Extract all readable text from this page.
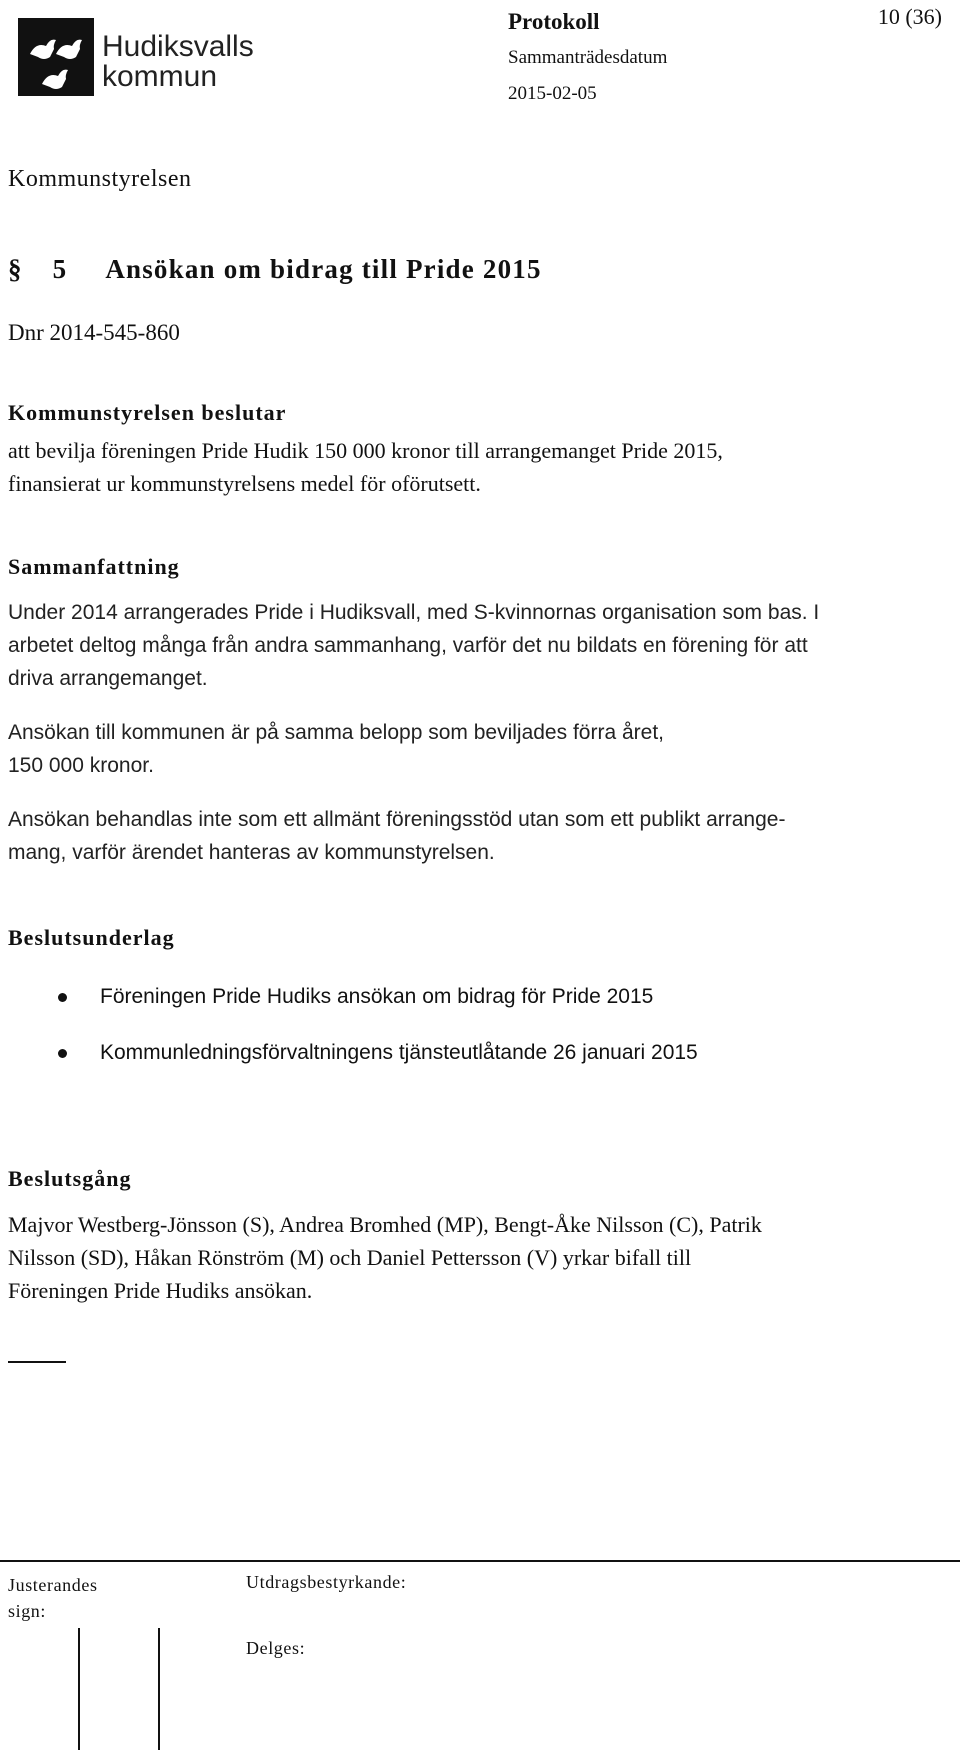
Hudiksvalls
kommun
Protokoll
Sammanträdesdatum
2015-02-05
10 (36)
Kommunstyrelsen
§ 5 Ansökan om bidrag till Pride 2015
Dnr 2014-545-860
Kommunstyrelsen beslutar
att bevilja föreningen Pride Hudik 150 000 kronor till arrangemanget Pride 2015,
finansierat ur kommunstyrelsens medel för oförutsett.
Sammanfattning
Under 2014 arrangerades Pride i Hudiksvall, med S-kvinnornas organisation som bas. I
arbetet deltog många från andra sammanhang, varför det nu bildats en förening för att
driva arrangemanget.
Ansökan till kommunen är på samma belopp som beviljades förra året,
150 000 kronor.
Ansökan behandlas inte som ett allmänt föreningsstöd utan som ett publikt arrange-
mang, varför ärendet hanteras av kommunstyrelsen.
Beslutsunderlag
Föreningen Pride Hudiks ansökan om bidrag för Pride 2015
Kommunledningsförvaltningens tjänsteutlåtande 26 januari 2015
Beslutsgång
Majvor Westberg-Jönsson (S), Andrea Bromhed (MP), Bengt-Åke Nilsson (C), Patrik
Nilsson (SD), Håkan Rönström (M) och Daniel Pettersson (V) yrkar bifall till
Föreningen Pride Hudiks ansökan.
Justerandes
sign:
Utdragsbestyrkande:
Delges:
